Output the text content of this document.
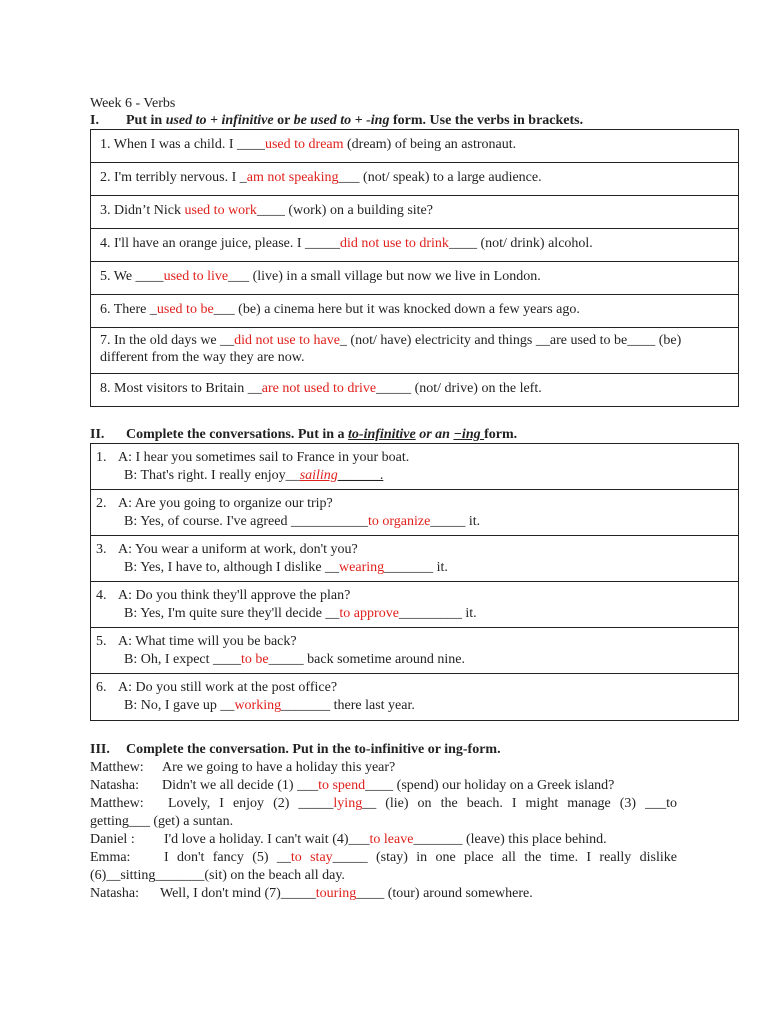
Week 6 - Verbs
I. Put in used to + infinitive or be used to + -ing form. Use the verbs in brackets.
1. When I was a child. I ____used to dream (dream) of being an astronaut.
2. I'm terribly nervous. I _am not speaking___ (not/ speak) to a large audience.
3. Didn’t Nick used to work____ (work) on a building site?
4. I'll have an orange juice, please. I _____did not use to drink____ (not/ drink) alcohol.
5. We ____used to live___ (live) in a small village but now we live in London.
6. There _used to be___ (be) a cinema here but it was knocked down a few years ago.
7. In the old days we __did not use to have_ (not/ have) electricity and things __are used to be____ (be)
different from the way they are now.
8. Most visitors to Britain __are not used to drive_____ (not/ drive) on the left.
II. Complete the conversations. Put in a to-infinitive or an −ing form.
1. A: I hear you sometimes sail to France in your boat.
B: That's right. I really enjoy__sailing______.
2. A: Are you going to organize our trip?
B: Yes, of course. I've agreed ___________to organize_____ it.
3. A: You wear a uniform at work, don't you?
B: Yes, I have to, although I dislike __wearing_______ it.
4. A: Do you think they'll approve the plan?
B: Yes, I'm quite sure they'll decide __to approve_________ it.
5. A: What time will you be back?
B: Oh, I expect ____to be_____ back sometime around nine.
6. A: Do you still work at the post office?
B: No, I gave up __working_______ there last year.
III. Complete the conversation. Put in the to-infinitive or ing-form.
Matthew: Are we going to have a holiday this year?
Natasha: Didn't we all decide (1) ___to spend____ (spend) our holiday on a Greek island?
Matthew: Lovely, I enjoy (2) _____lying__ (lie) on the beach. I might manage (3) ___to
getting___ (get) a suntan.
Daniel : I'd love a holiday. I can't wait (4)___to leave_______ (leave) this place behind.
Emma: I don't fancy (5) __to stay_____ (stay) in one place all the time. I really dislike
(6)__sitting_______(sit) on the beach all day.
Natasha: Well, I don't mind (7)_____touring____ (tour) around somewhere.
